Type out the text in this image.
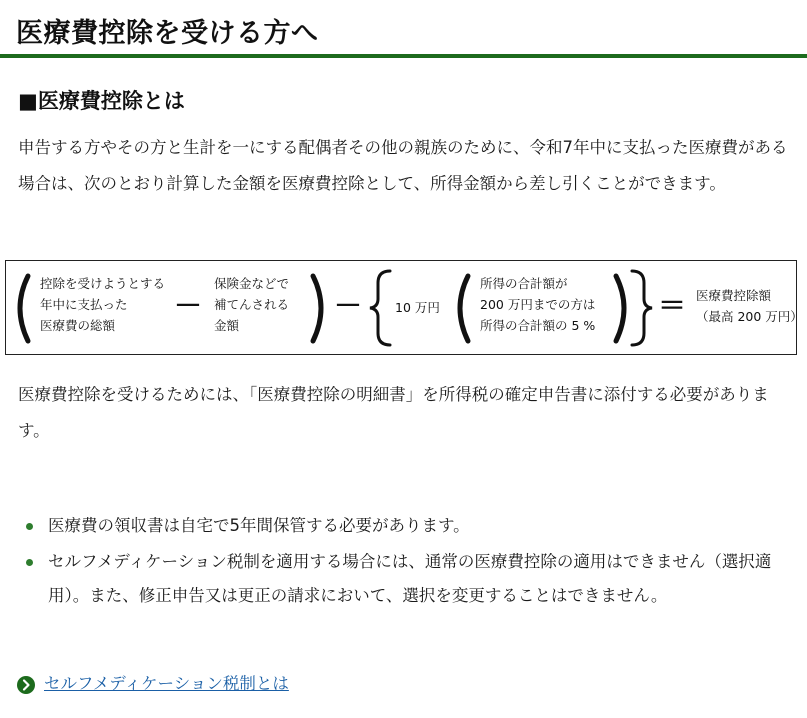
医療費控除を受ける方へ
■医療費控除とは

申告する方やその方と生計を一にする配偶者その他の親族のために、令和7年中に支払った医療費がある場合は、次のとおり計算した金額を医療費控除として、所得金額から差し引くことができます。

控除を受けようとする
年中に支払った
医療費の総額
－
保険金などで
補てんされる
金額
－	10 万円
所得の合計額が
200 万円までの方は
所得の合計額の 5 %
＝ 医療費控除額
（最高 200 万円）

医療費控除を受けるためには、「医療費控除の明細書」を所得税の確定申告書に添付する必要があります。

医療費の領収書は自宅で5年間保管する必要があります。
セルフメディケーション税制を適用する場合には、通常の医療費控除の適用はできません（選択適用）。また、修正申告又は更正の請求において、選択を変更することはできません。
セルフメディケーション税制とは
